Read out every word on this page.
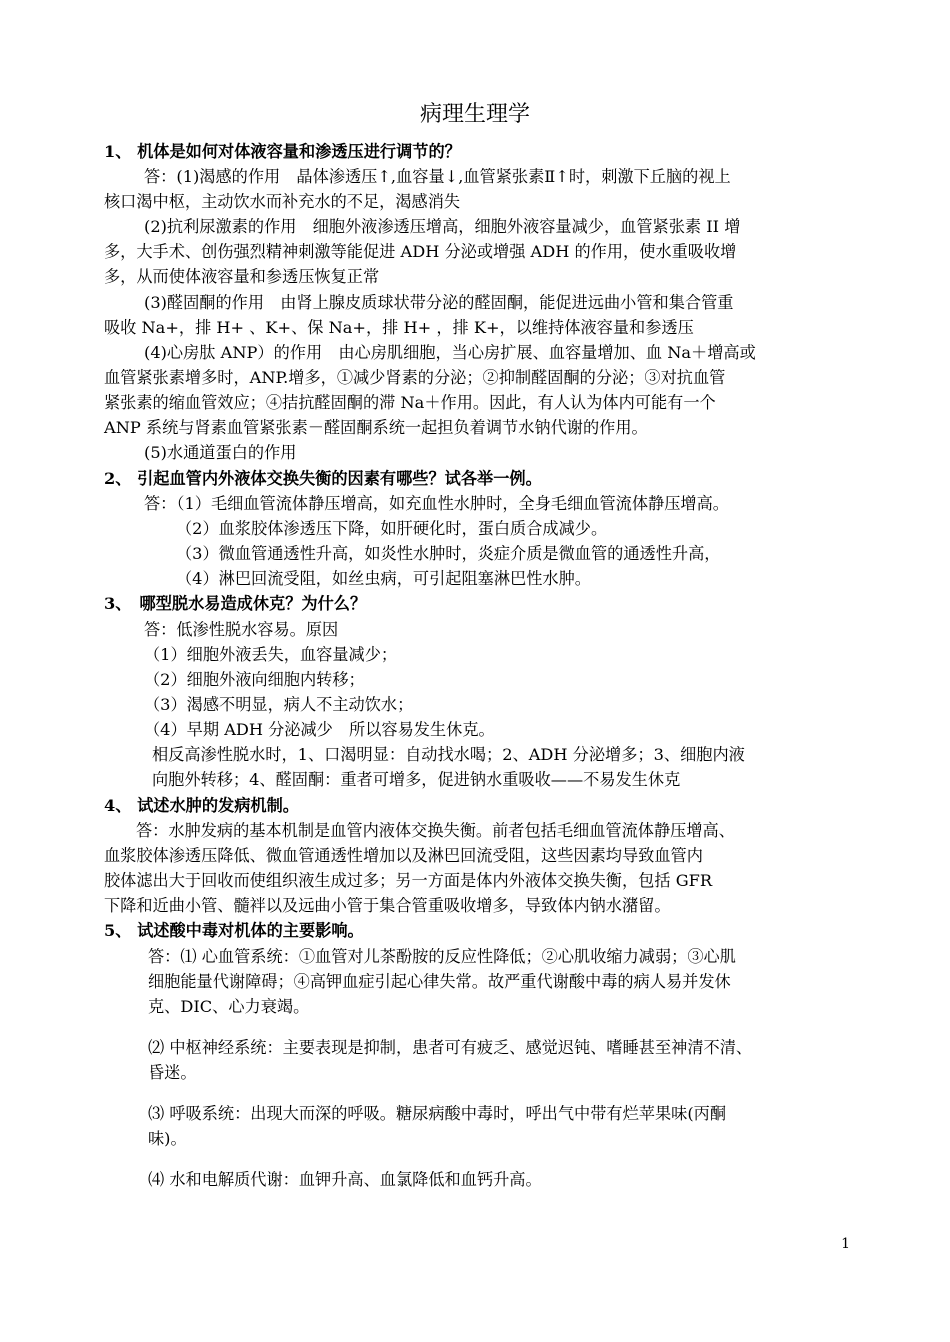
病理生理学
1、 机体是如何对体液容量和渗透压进行调节的？
答：(1)渴感的作用　晶体渗透压↑,血容量↓,血管紧张素Ⅱ↑时，刺激下丘脑的视上
核口渴中枢，主动饮水而补充水的不足，渴感消失
(2)抗利尿激素的作用　细胞外液渗透压增高，细胞外液容量减少，血管紧张素 II 增
多，大手术、创伤强烈精神刺激等能促进 ADH 分泌或增强 ADH 的作用，使水重吸收增
多，从而使体液容量和参透压恢复正常
(3)醛固酮的作用　由肾上腺皮质球状带分泌的醛固酮，能促进远曲小管和集合管重
吸收 Na+，排 H+ 、K+、保 Na+，排 H+ ，排 K+，以维持体液容量和参透压
(4)心房肽 ANP）的作用　由心房肌细胞，当心房扩展、血容量增加、血 Na＋增高或
血管紧张素增多时，ANP.增多，①减少肾素的分泌；②抑制醛固酮的分泌；③对抗血管
紧张素的缩血管效应；④拮抗醛固酮的滞 Na＋作用。因此，有人认为体内可能有一个
ANP 系统与肾素血管紧张素－醛固酮系统一起担负着调节水钠代谢的作用。
(5)水通道蛋白的作用
2、 引起血管内外液体交换失衡的因素有哪些？试各举一例。
答：（1）毛细血管流体静压增高，如充血性水肿时，全身毛细血管流体静压增高。
（2）血浆胶体渗透压下降，如肝硬化时，蛋白质合成减少。
（3）微血管通透性升高，如炎性水肿时，炎症介质是微血管的通透性升高，
（4）淋巴回流受阻，如丝虫病，可引起阻塞淋巴性水肿。
3、　哪型脱水易造成休克？为什么？
答：低渗性脱水容易。原因
（1）细胞外液丢失，血容量减少；
（2）细胞外液向细胞内转移；
（3）渴感不明显，病人不主动饮水；
（4）早期 ADH 分泌减少　所以容易发生休克。
相反高渗性脱水时，1、口渴明显：自动找水喝；2、ADH 分泌增多；3、细胞内液
向胞外转移；4、醛固酮：重者可增多，促进钠水重吸收——不易发生休克
4、 试述水肿的发病机制。
答：水肿发病的基本机制是血管内液体交换失衡。前者包括毛细血管流体静压增高、
血浆胶体渗透压降低、微血管通透性增加以及淋巴回流受阻，这些因素均导致血管内
胶体滤出大于回收而使组织液生成过多；另一方面是体内外液体交换失衡，包括 GFR
下降和近曲小管、髓袢以及远曲小管于集合管重吸收增多，导致体内钠水潴留。
5、 试述酸中毒对机体的主要影响。
答：⑴ 心血管系统：①血管对儿茶酚胺的反应性降低；②心肌收缩力减弱；③心肌
细胞能量代谢障碍；④高钾血症引起心律失常。故严重代谢酸中毒的病人易并发休
克、DIC、心力衰竭。
⑵ 中枢神经系统：主要表现是抑制，患者可有疲乏、感觉迟钝、嗜睡甚至神清不清、
昏迷。
⑶ 呼吸系统：出现大而深的呼吸。糖尿病酸中毒时，呼出气中带有烂苹果味(丙酮
味)。
⑷ 水和电解质代谢：血钾升高、血氯降低和血钙升高。
1
